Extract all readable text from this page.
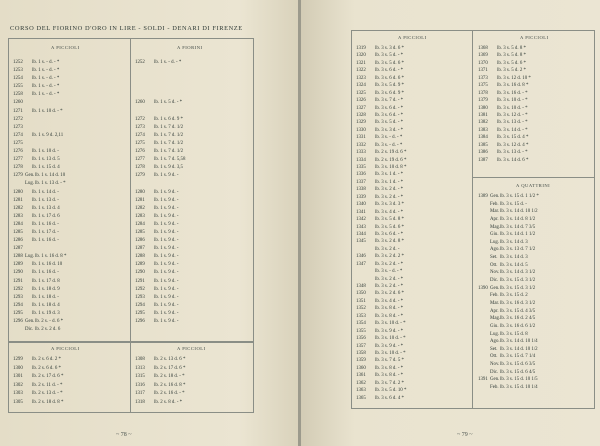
CORSO DEL FIORINO D'ORO IN LIRE - SOLDI - DENARI DI FIRENZE
A PICCIOLI	A FIORINI
1252	lb. 1 s. - d. - *
1253	lb. 1 s. - d. - *
1254	lb. 1 s. - d. - *
1255	lb. 1 s. - d. - *
1258	lb. 1 s. - d. - *
1260
1271	lb. 1 s. 10 d. - *
1272
1273
1274	lb. 1 s. 9 d. 2,11
1275
1276	lb. 1 s. 10 d. -
1277	lb. 1 s. 13 d. 5
1278	lb. 1 s. 15 d. 4
1279 Gen. lb. 1 s. 14 d. 10
Lug. lb. 1 s. 13 d. - *
1280	lb. 1 s. 14 d. -
1281	lb. 1 s. 13 d. -
1282	lb. 1 s. 13 d. 4
1283	lb. 1 s. 17 d. 6
1284	lb. 1 s. 16 d. -
1285	lb. 1 s. 17 d. -
1286	lb. 1 s. 16 d. -
1287
1288 Lug. lb. 1 s. 16 d. 8 *
1289	lb. 1 s. 16 d. 10
1290	lb. 1 s. 16 d. -
1291	lb. 1 s. 17 d. 8
1292	lb. 1 s. 18 d. 9
1293	lb. 1 s. 18 d. -
1294	lb. 1 s. 18 d. 4
1295	lb. 1 s. 19 d. 3
1296 Gen. lb. 2 s. - d. 6 *
Dic. lb. 2 s. 2 d. 6
1252	lb. 1 s. - d. - *
1260	lb. 1 s. 5 d. - *
1272	lb. 1 s. 6 d. 9 *
1273	lb. 1 s. 7 d. 1/2
1274	lb. 1 s. 7 d. 1/2
1275	lb. 1 s. 7 d. 1/2
1276	lb. 1 s. 7 d. 1/2
1277	lb. 1 s. 7 d. 5,58
1278	lb. 1 s. 9 d. 3,5
1279	lb. 1 s. 9 d. -
1280	lb. 1 s. 9 d. -
1281	lb. 1 s. 9 d. -
1282	lb. 1 s. 9 d. -
1283	lb. 1 s. 9 d. -
1284	lb. 1 s. 9 d. -
1285	lb. 1 s. 9 d. -
1286	lb. 1 s. 9 d. -
1287	lb. 1 s. 9 d. -
1288	lb. 1 s. 9 d. -
1289	lb. 1 s. 9 d. -
1290	lb. 1 s. 9 d. -
1291	lb. 1 s. 9 d. -
1292	lb. 1 s. 9 d. -
1293	lb. 1 s. 9 d. -
1294	lb. 1 s. 9 d. -
1295	lb. 1 s. 9 d. -
1296	lb. 1 s. 9 d. -
A PICCIOLI	A PICCIOLI
1299	lb. 2 s. 6 d. 2 *
1300	lb. 2 s. 6 d. 6 *
1301	lb. 2 s. 17 d. 6 *
1302	lb. 2 s. 11 d. - *
1303	lb. 2 s. 13 d. - *
1305	lb. 2 s. 18 d. 8 *
1308	lb. 2 s. 13 d. 6 *
1313	lb. 2 s. 17 d. 6 *
1315	lb. 2 s. 18 d. - *
1316	lb. 2 s. 16 d. 8 *
1317	lb. 2 s. 16 d. - *
1318	lb. 2 s. 8 d. - *
~ 78 ~
A PICCIOLI	A PICCIOLI
A QUATTRINI
1319	lb. 3 s. 3 d. 6 *
1320	lb. 3 s. 5 d. - *
1321	lb. 3 s. 5 d. 6 *
1322	lb. 3 s. 6 d. - *
1323	lb. 3 s. 6 d. 6 *
1324	lb. 3 s. 5 d. 9 *
1325	lb. 3 s. 6 d. 9 *
1326	lb. 3 s. 7 d. - *
1327	lb. 3 s. 6 d. - *
1328	lb. 3 s. 6 d. - *
1329	lb. 3 s. 5 d. - *
1330	lb. 3 s. 3 d. - *
1331	lb. 3 s. - d. - *
1332	lb. 3 s. - d. - *
1333	lb. 2 s. 19 d. 6 *
1334	lb. 2 s. 19 d. 6 *
1335	lb. 3 s. 10 d. 8 *
1336	lb. 3 s. 1 d. - *
1337	lb. 3 s. 1 d. - *
1338	lb. 3 s. 2 d. - *
1339	lb. 3 s. 2 d. - *
1340	lb. 3 s. 3 d. 3 *
1341	lb. 3 s. 4 d. - *
1342	lb. 3 s. 5 d. 8 *
1343	lb. 3 s. 5 d. 6 *
1344	lb. 3 s. 6 d. - *
1345	lb. 3 s. 2 d. 8 *
lb. 3 s. 2 d. -
1346	lb. 3 s. 2 d. 2 *
1347	lb. 3 s. 2 d. - *
lb. 3 s. - d. - *
lb. 3 s. 2 d. - *
1348	lb. 3 s. 2 d. - *
1350	lb. 3 s. 2 d. 6 *
1351	lb. 3 s. 4 d. - *
1352	lb. 3 s. 8 d. - *
1353	lb. 3 s. 8 d. - *
1354	lb. 3 s. 10 d. - *
1355	lb. 3 s. 9 d. - *
1356	lb. 3 s. 10 d. - *
1357	lb. 3 s. 9 d. - *
1358	lb. 3 s. 10 d. - *
1359	lb. 3 s. 7 d. 5 *
1360	lb. 3 s. 8 d. - *
1361	lb. 3 s. 8 d. - *
1362	lb. 3 s. 7 d. 2 *
1363	lb. 3 s. 5 d. 10 *
1365	lb. 3 s. 6 d. 4 *
1368	lb. 3 s. 5 d. 8 *
1369	lb. 3 s. 5 d. 8 *
1370	lb. 3 s. 5 d. 6 *
1371	lb. 3 s. 5 d. 2 *
1373	lb. 3 s. 12 d. 10 *
1375	lb. 3 s. 16 d. 8 *
1378	lb. 3 s. 16 d. - *
1379	lb. 3 s. 10 d. - *
1380	lb. 3 s. 10 d. - *
1381	lb. 3 s. 12 d. - *
1382	lb. 3 s. 13 d. - *
1383	lb. 3 s. 14 d. - *
1384	lb. 3 s. 15 d. 4 *
1385	lb. 3 s. 12 d. 4 *
1386	lb. 3 s. 13 d. - *
1387	lb. 3 s. 14 d. 6 *
1389 Gen. lb. 3 s. 15 d. 1 1/2 *
Feb. lb. 3 s. 15 d. -
Mar. lb. 3 s. 14 d. 10 1/2
Apr. lb. 3 s. 14 d. 8 1/2
Mag. lb. 3 s. 14 d. 7 3/5
Giu. lb. 3 s. 14 d. 1 1/2
Lug. lb. 3 s. 14 d. 3
Ago. lb. 3 s. 13 d. 7 1/2
Set. lb. 3 s. 14 d. 3
Ott. lb. 3 s. 14 d. 5
Nov. lb. 3 s. 14 d. 3 1/2
Dic. lb. 3 s. 15 d. 3 1/2
1390 Gen. lb. 3 s. 15 d. 3 1/2
Feb. lb. 3 s. 15 d. 2
Mar. lb. 3 s. 16 d. 3 1/2
Apr. lb. 3 s. 15 d. 4 3/5
Mag. lb. 3 s. 16 d. 2 4/5
Giu. lb. 3 s. 16 d. 6 1/2
Lug. lb. 3 s. 15 d. 8
Ago. lb. 3 s. 14 d. 10 1/4
Set. lb. 3 s. 14 d. 10 1/2
Ott. lb. 3 s. 15 d. 7 1/4
Nov. lb. 3 s. 15 d. 6 3/5
Dic. lb. 3 s. 15 d. 6 4/5
1391 Gen. lb. 3 s. 15 d. 10 1/5
Feb. lb. 3 s. 15 d. 10 1/4
~ 79 ~
